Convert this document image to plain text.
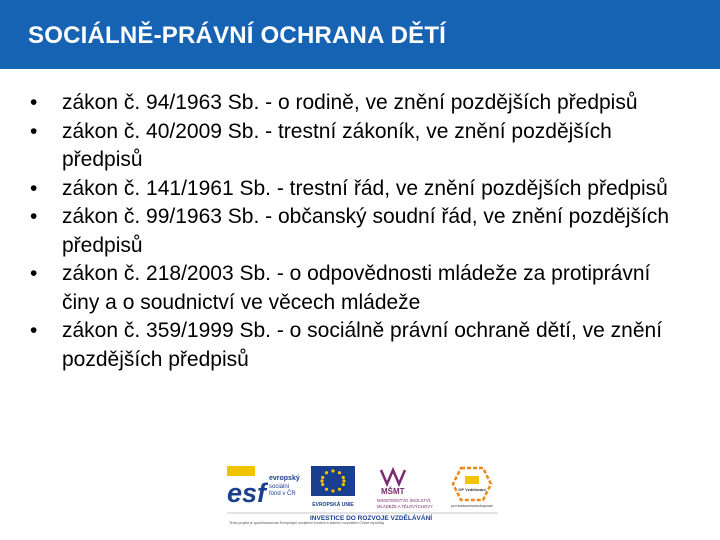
SOCIÁLNĚ-PRÁVNÍ OCHRANA DĚTÍ
• zákon č. 94/1963 Sb. - o rodině, ve znění pozdějších předpisů
• zákon č. 40/2009 Sb. - trestní zákoník, ve znění pozdějších předpisů
• zákon č. 141/1961 Sb. - trestní řád, ve znění pozdějších předpisů
• zákon č. 99/1963 Sb. - občanský soudní řád, ve znění pozdějších předpisů
• zákon č. 218/2003 Sb. - o odpovědnosti mládeže za protiprávní činy a o soudnictví ve věcech mládeže
• zákon č. 359/1999 Sb. - o sociálně právní ochraně dětí, ve znění pozdějších předpisů
esf evropský
sociální
fond v ČR
EVROPSKÁ UNIE
MŠMT
MINISTERSTVO ŠKOLSTVÍ,
MLÁDEŽE A TĚLOVÝCHOVY
OP Vzdělávání
pro konkurenceschopnost
INVESTICE DO ROZVOJE VZDĚLÁVÁNÍ
Tento projekt je spolufinancován Evropským sociálním fondem a státním rozpočtem České republiky
